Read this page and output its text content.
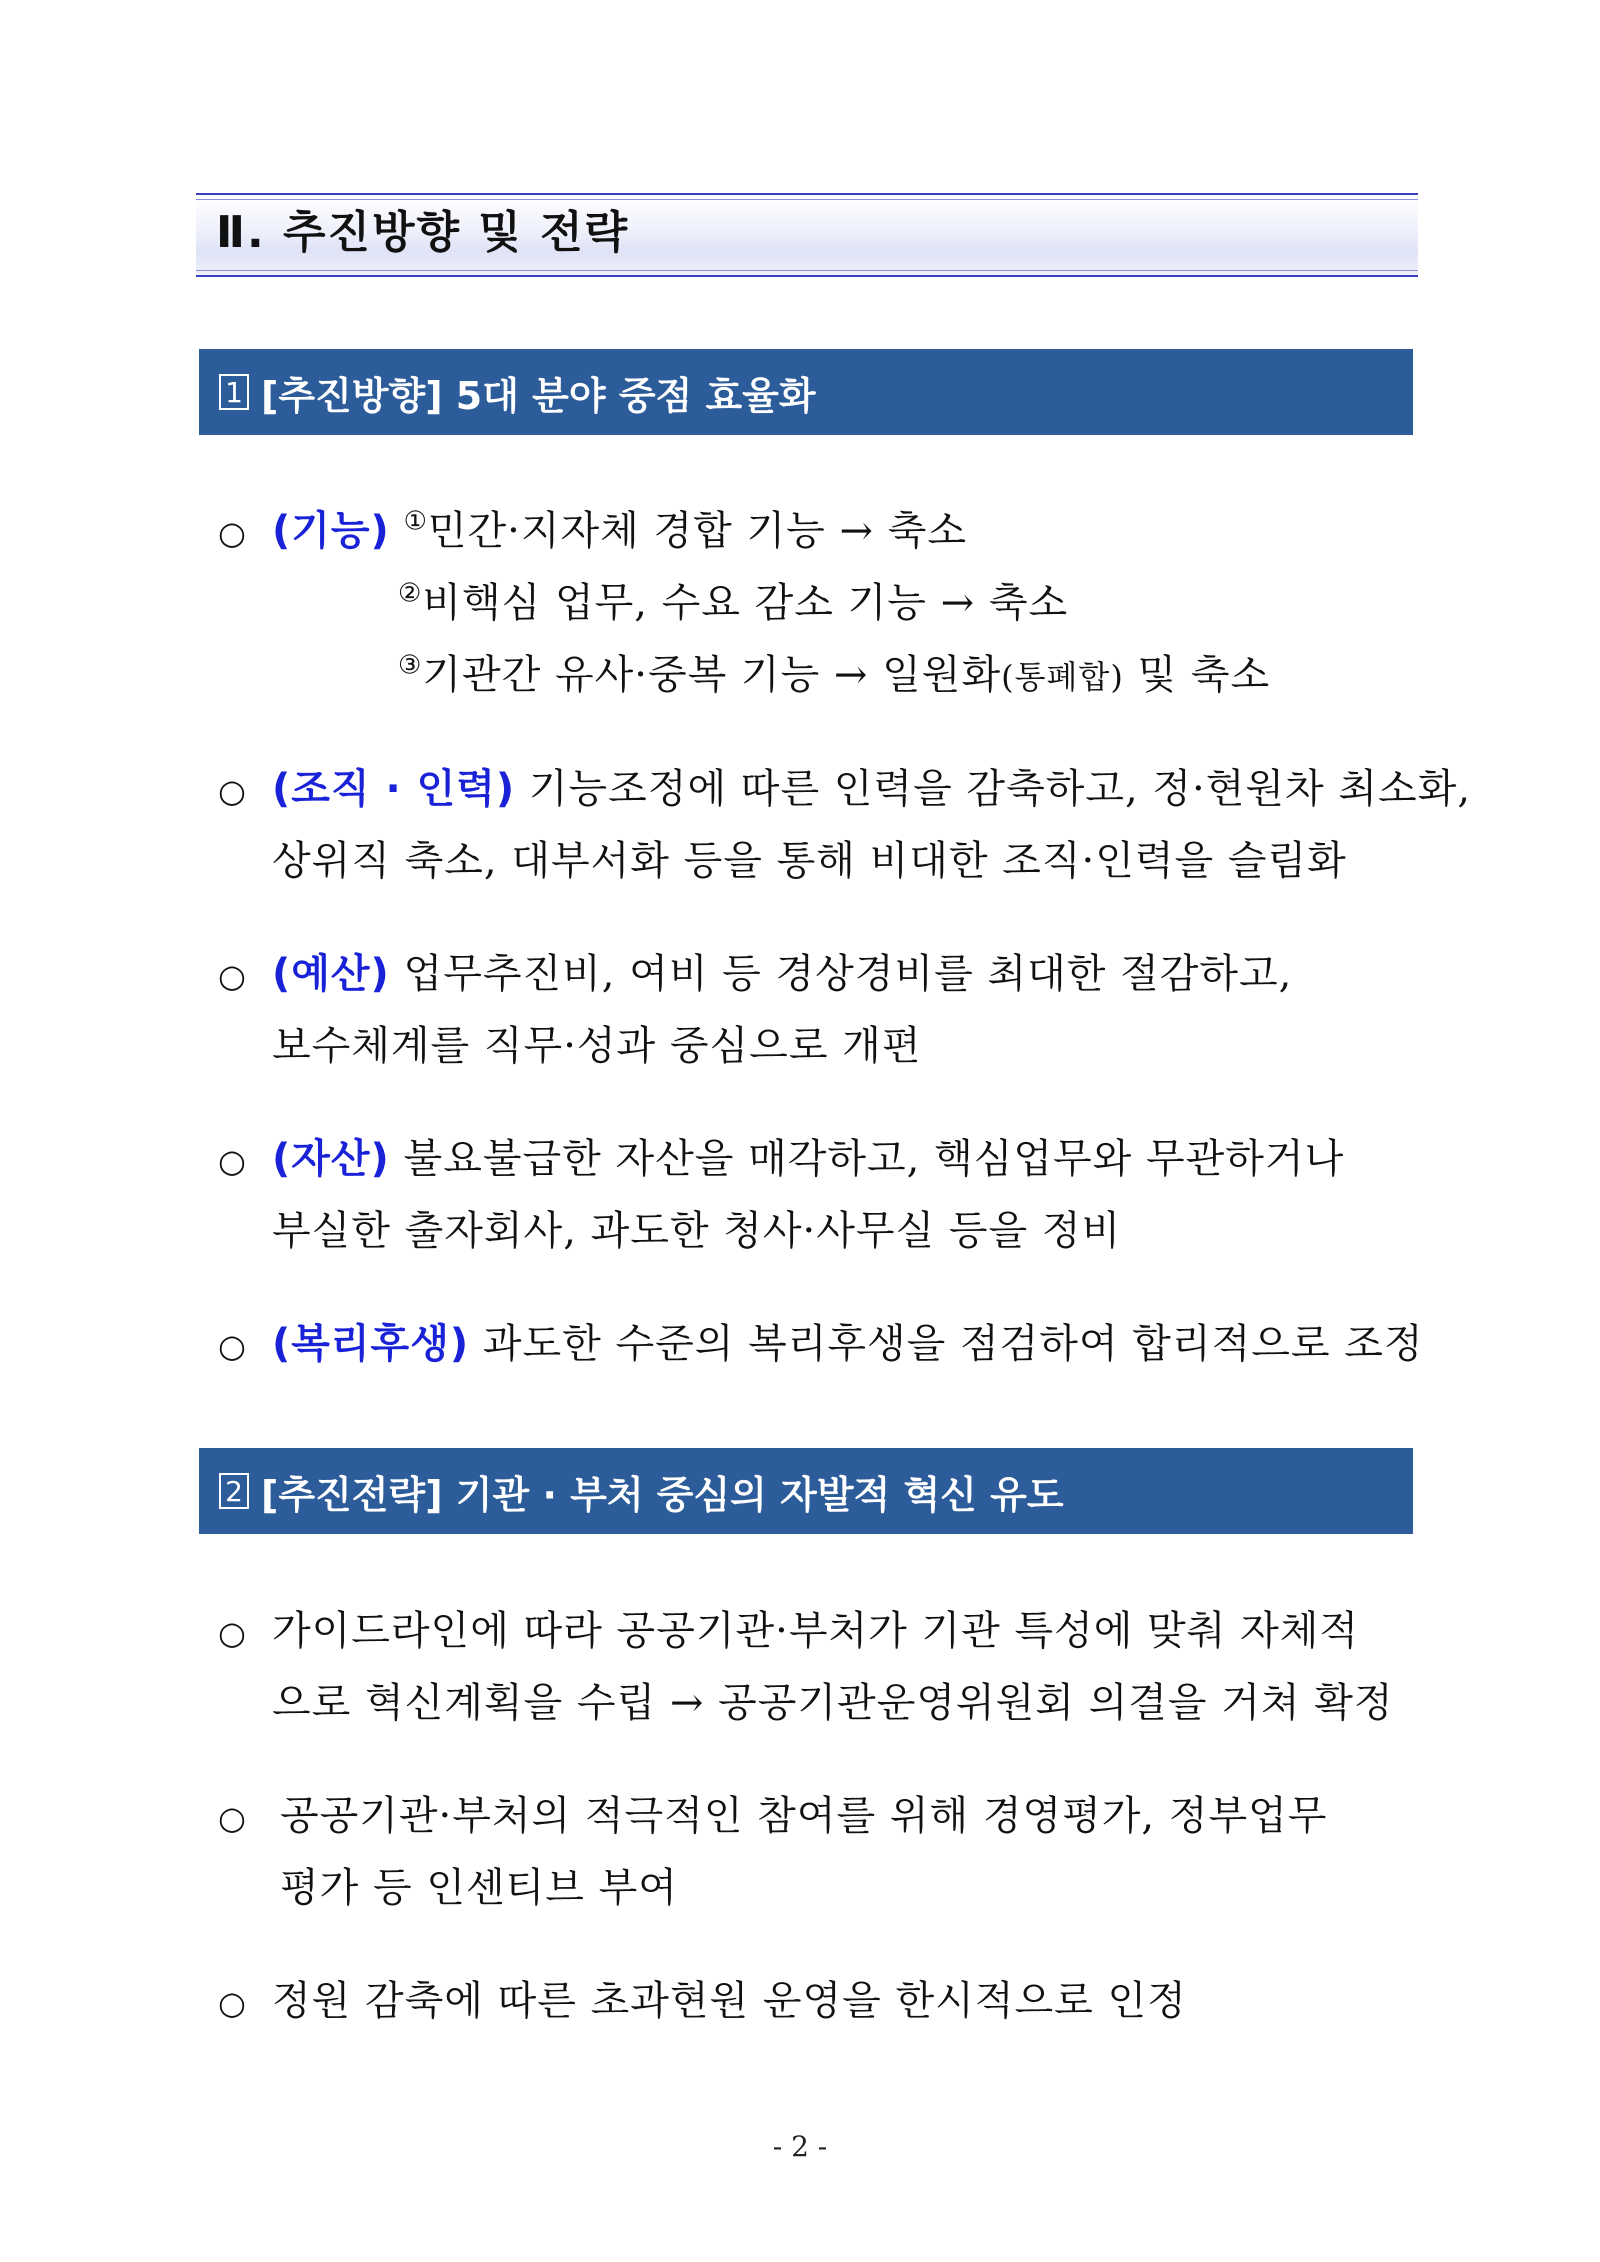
Ⅱ. 추진방향 및 전략
1 [추진방향] 5대 분야 중점 효율화
○ (기능) ①민간·지자체 경합 기능 → 축소
②비핵심 업무, 수요 감소 기능 → 축소
③기관간 유사·중복 기능 → 일원화(통폐합) 및 축소
○ (조직 · 인력) 기능조정에 따른 인력을 감축하고, 정·현원차 최소화,
상위직 축소, 대부서화 등을 통해 비대한 조직·인력을 슬림화
○ (예산) 업무추진비, 여비 등 경상경비를 최대한 절감하고,
보수체계를 직무·성과 중심으로 개편
○ (자산) 불요불급한 자산을 매각하고, 핵심업무와 무관하거나
부실한 출자회사, 과도한 청사·사무실 등을 정비
○ (복리후생) 과도한 수준의 복리후생을 점검하여 합리적으로 조정
2 [추진전략] 기관 · 부처 중심의 자발적 혁신 유도
○ 가이드라인에 따라 공공기관·부처가 기관 특성에 맞춰 자체적
으로 혁신계획을 수립 → 공공기관운영위원회 의결을 거쳐 확정
○ 공공기관·부처의 적극적인 참여를 위해 경영평가, 정부업무
평가 등 인센티브 부여
○ 정원 감축에 따른 초과현원 운영을 한시적으로 인정
- 2 -
